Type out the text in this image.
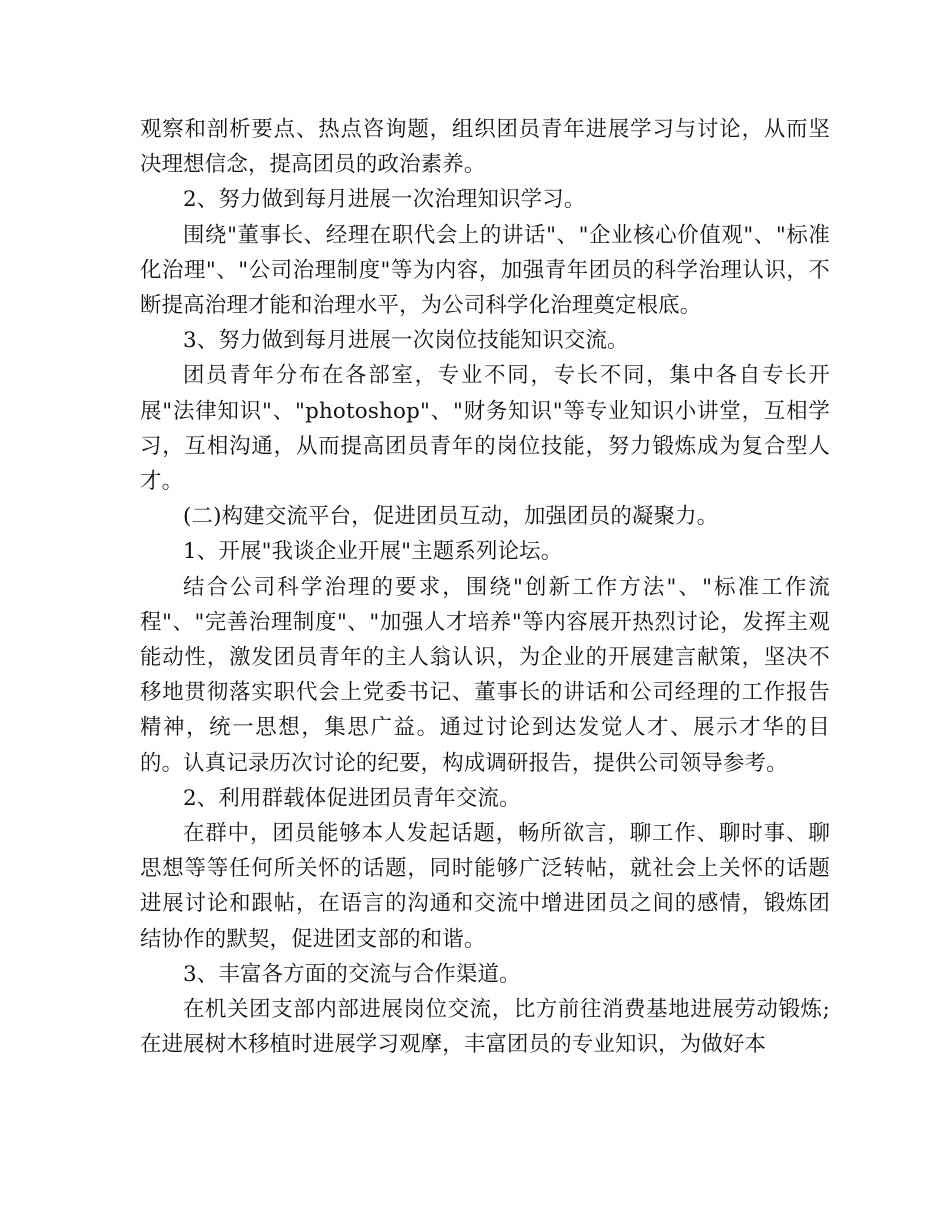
观察和剖析要点、热点咨询题，组织团员青年进展学习与讨论，从而坚决理想信念，提高团员的政治素养。

2、努力做到每月进展一次治理知识学习。

围绕"董事长、经理在职代会上的讲话"、"企业核心价值观"、"标准化治理"、"公司治理制度"等为内容，加强青年团员的科学治理认识，不断提高治理才能和治理水平，为公司科学化治理奠定根底。

3、努力做到每月进展一次岗位技能知识交流。

团员青年分布在各部室，专业不同，专长不同，集中各自专长开展"法律知识"、"photoshop"、"财务知识"等专业知识小讲堂，互相学习，互相沟通，从而提高团员青年的岗位技能，努力锻炼成为复合型人才。

(二)构建交流平台，促进团员互动，加强团员的凝聚力。

1、开展"我谈企业开展"主题系列论坛。

结合公司科学治理的要求，围绕"创新工作方法"、"标准工作流程"、"完善治理制度"、"加强人才培养"等内容展开热烈讨论，发挥主观能动性，激发团员青年的主人翁认识，为企业的开展建言献策，坚决不移地贯彻落实职代会上党委书记、董事长的讲话和公司经理的工作报告精神，统一思想，集思广益。通过讨论到达发觉人才、展示才华的目的。认真记录历次讨论的纪要，构成调研报告，提供公司领导参考。

2、利用群载体促进团员青年交流。

在群中，团员能够本人发起话题，畅所欲言，聊工作、聊时事、聊思想等等任何所关怀的话题，同时能够广泛转帖，就社会上关怀的话题进展讨论和跟帖，在语言的沟通和交流中增进团员之间的感情，锻炼团结协作的默契，促进团支部的和谐。

3、丰富各方面的交流与合作渠道。

在机关团支部内部进展岗位交流，比方前往消费基地进展劳动锻炼;在进展树木移植时进展学习观摩，丰富团员的专业知识，为做好本
